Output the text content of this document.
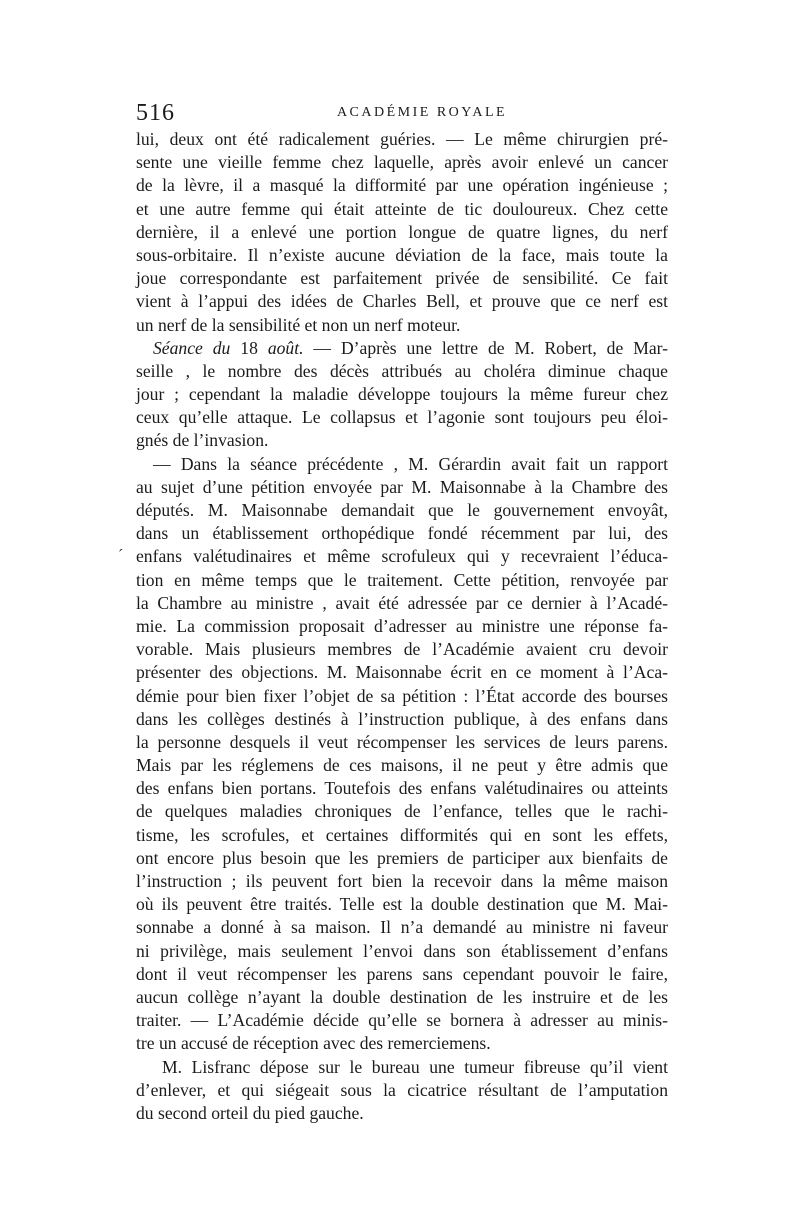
516	ACADÉMIE ROYALE
ˊ
lui, deux ont été radicalement guéries. — Le même chirurgien pré-
sente une vieille femme chez laquelle, après avoir enlevé un cancer
de la lèvre, il a masqué la difformité par une opération ingénieuse ;
et une autre femme qui était atteinte de tic douloureux. Chez cette
dernière, il a enlevé une portion longue de quatre lignes, du nerf
sous-orbitaire. Il n’existe aucune déviation de la face, mais toute la
joue correspondante est parfaitement privée de sensibilité. Ce fait
vient à l’appui des idées de Charles Bell, et prouve que ce nerf est
un nerf de la sensibilité et non un nerf moteur.
Séance du 18 août. — D’après une lettre de M. Robert, de Mar-
seille , le nombre des décès attribués au choléra diminue chaque
jour ; cependant la maladie développe toujours la même fureur chez
ceux qu’elle attaque. Le collapsus et l’agonie sont toujours peu éloi-
gnés de l’invasion.
— Dans la séance précédente , M. Gérardin avait fait un rapport
au sujet d’une pétition envoyée par M. Maisonnabe à la Chambre des
députés. M. Maisonnabe demandait que le gouvernement envoyât,
dans un établissement orthopédique fondé récemment par lui, des
enfans valétudinaires et même scrofuleux qui y recevraient l’éduca-
tion en même temps que le traitement. Cette pétition, renvoyée par
la Chambre au ministre , avait été adressée par ce dernier à l’Acadé-
mie. La commission proposait d’adresser au ministre une réponse fa-
vorable. Mais plusieurs membres de l’Académie avaient cru devoir
présenter des objections. M. Maisonnabe écrit en ce moment à l’Aca-
démie pour bien fixer l’objet de sa pétition : l’État accorde des bourses
dans les collèges destinés à l’instruction publique, à des enfans dans
la personne desquels il veut récompenser les services de leurs parens.
Mais par les réglemens de ces maisons, il ne peut y être admis que
des enfans bien portans. Toutefois des enfans valétudinaires ou atteints
de quelques maladies chroniques de l’enfance, telles que le rachi-
tisme, les scrofules, et certaines difformités qui en sont les effets,
ont encore plus besoin que les premiers de participer aux bienfaits de
l’instruction ; ils peuvent fort bien la recevoir dans la même maison
où ils peuvent être traités. Telle est la double destination que M. Mai-
sonnabe a donné à sa maison. Il n’a demandé au ministre ni faveur
ni privilège, mais seulement l’envoi dans son établissement d’enfans
dont il veut récompenser les parens sans cependant pouvoir le faire,
aucun collège n’ayant la double destination de les instruire et de les
traiter. — L’Académie décide qu’elle se bornera à adresser au minis-
tre un accusé de réception avec des remerciemens.
M. Lisfranc dépose sur le bureau une tumeur fibreuse qu’il vient
d’enlever, et qui siégeait sous la cicatrice résultant de l’amputation
du second orteil du pied gauche.
